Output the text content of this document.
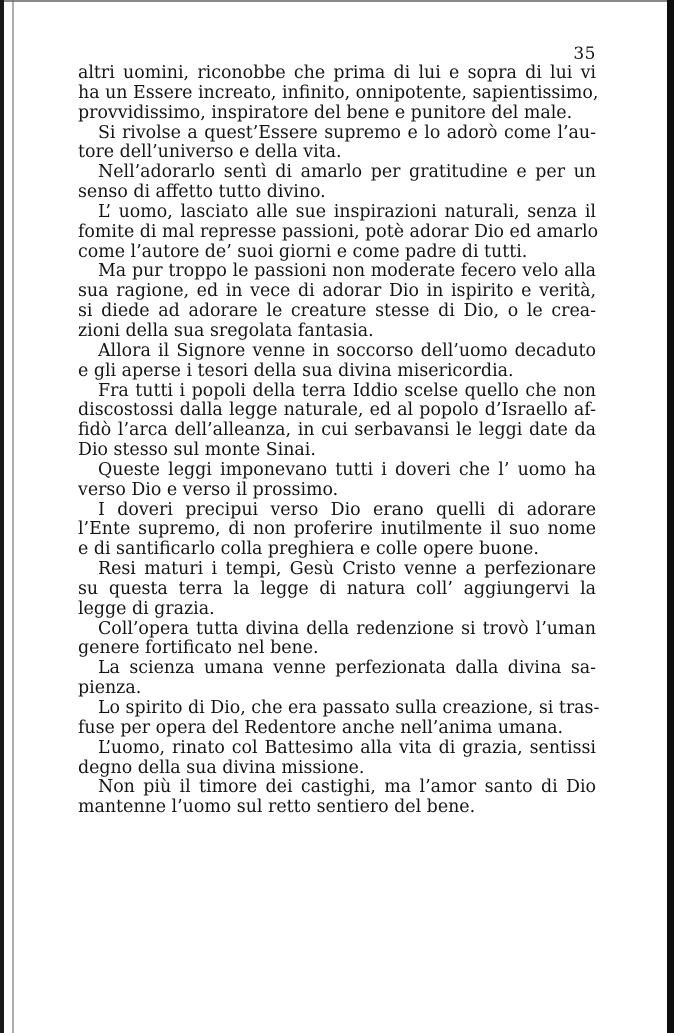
35
altri uomini, riconobbe che prima di lui e sopra di lui vi
ha un Essere increato, infinito, onnipotente, sapientissimo,
provvidissimo, inspiratore del bene e punitore del male.
Si rivolse a quest’Essere supremo e lo adorò come l’au-
tore dell’universo e della vita.
Nell’adorarlo sentì di amarlo per gratitudine e per un
senso di affetto tutto divino.
L’ uomo, lasciato alle sue inspirazioni naturali, senza il
fomite di mal represse passioni, potè adorar Dio ed amarlo
come l’autore de’ suoi giorni e come padre di tutti.
Ma pur troppo le passioni non moderate fecero velo alla
sua ragione, ed in vece di adorar Dio in ispirito e verità,
si diede ad adorare le creature stesse di Dio, o le crea-
zioni della sua sregolata fantasia.
Allora il Signore venne in soccorso dell’uomo decaduto
e gli aperse i tesori della sua divina misericordia.
Fra tutti i popoli della terra Iddio scelse quello che non
discostossi dalla legge naturale, ed al popolo d’Israello af-
fidò l’arca dell’alleanza, in cui serbavansi le leggi date da
Dio stesso sul monte Sinai.
Queste leggi imponevano tutti i doveri che l’ uomo ha
verso Dio e verso il prossimo.
I doveri precipui verso Dio erano quelli di adorare
l’Ente supremo, di non proferire inutilmente il suo nome
e di santificarlo colla preghiera e colle opere buone.
Resi maturi i tempi, Gesù Cristo venne a perfezionare
su questa terra la legge di natura coll’ aggiungervi la
legge di grazia.
Coll’opera tutta divina della redenzione si trovò l’uman
genere fortificato nel bene.
La scienza umana venne perfezionata dalla divina sa-
pienza.
Lo spirito di Dio, che era passato sulla creazione, si tras-
fuse per opera del Redentore anche nell’anima umana.
L’uomo, rinato col Battesimo alla vita di grazia, sentissi
degno della sua divina missione.
Non più il timore dei castighi, ma l’amor santo di Dio
mantenne l’uomo sul retto sentiero del bene.
